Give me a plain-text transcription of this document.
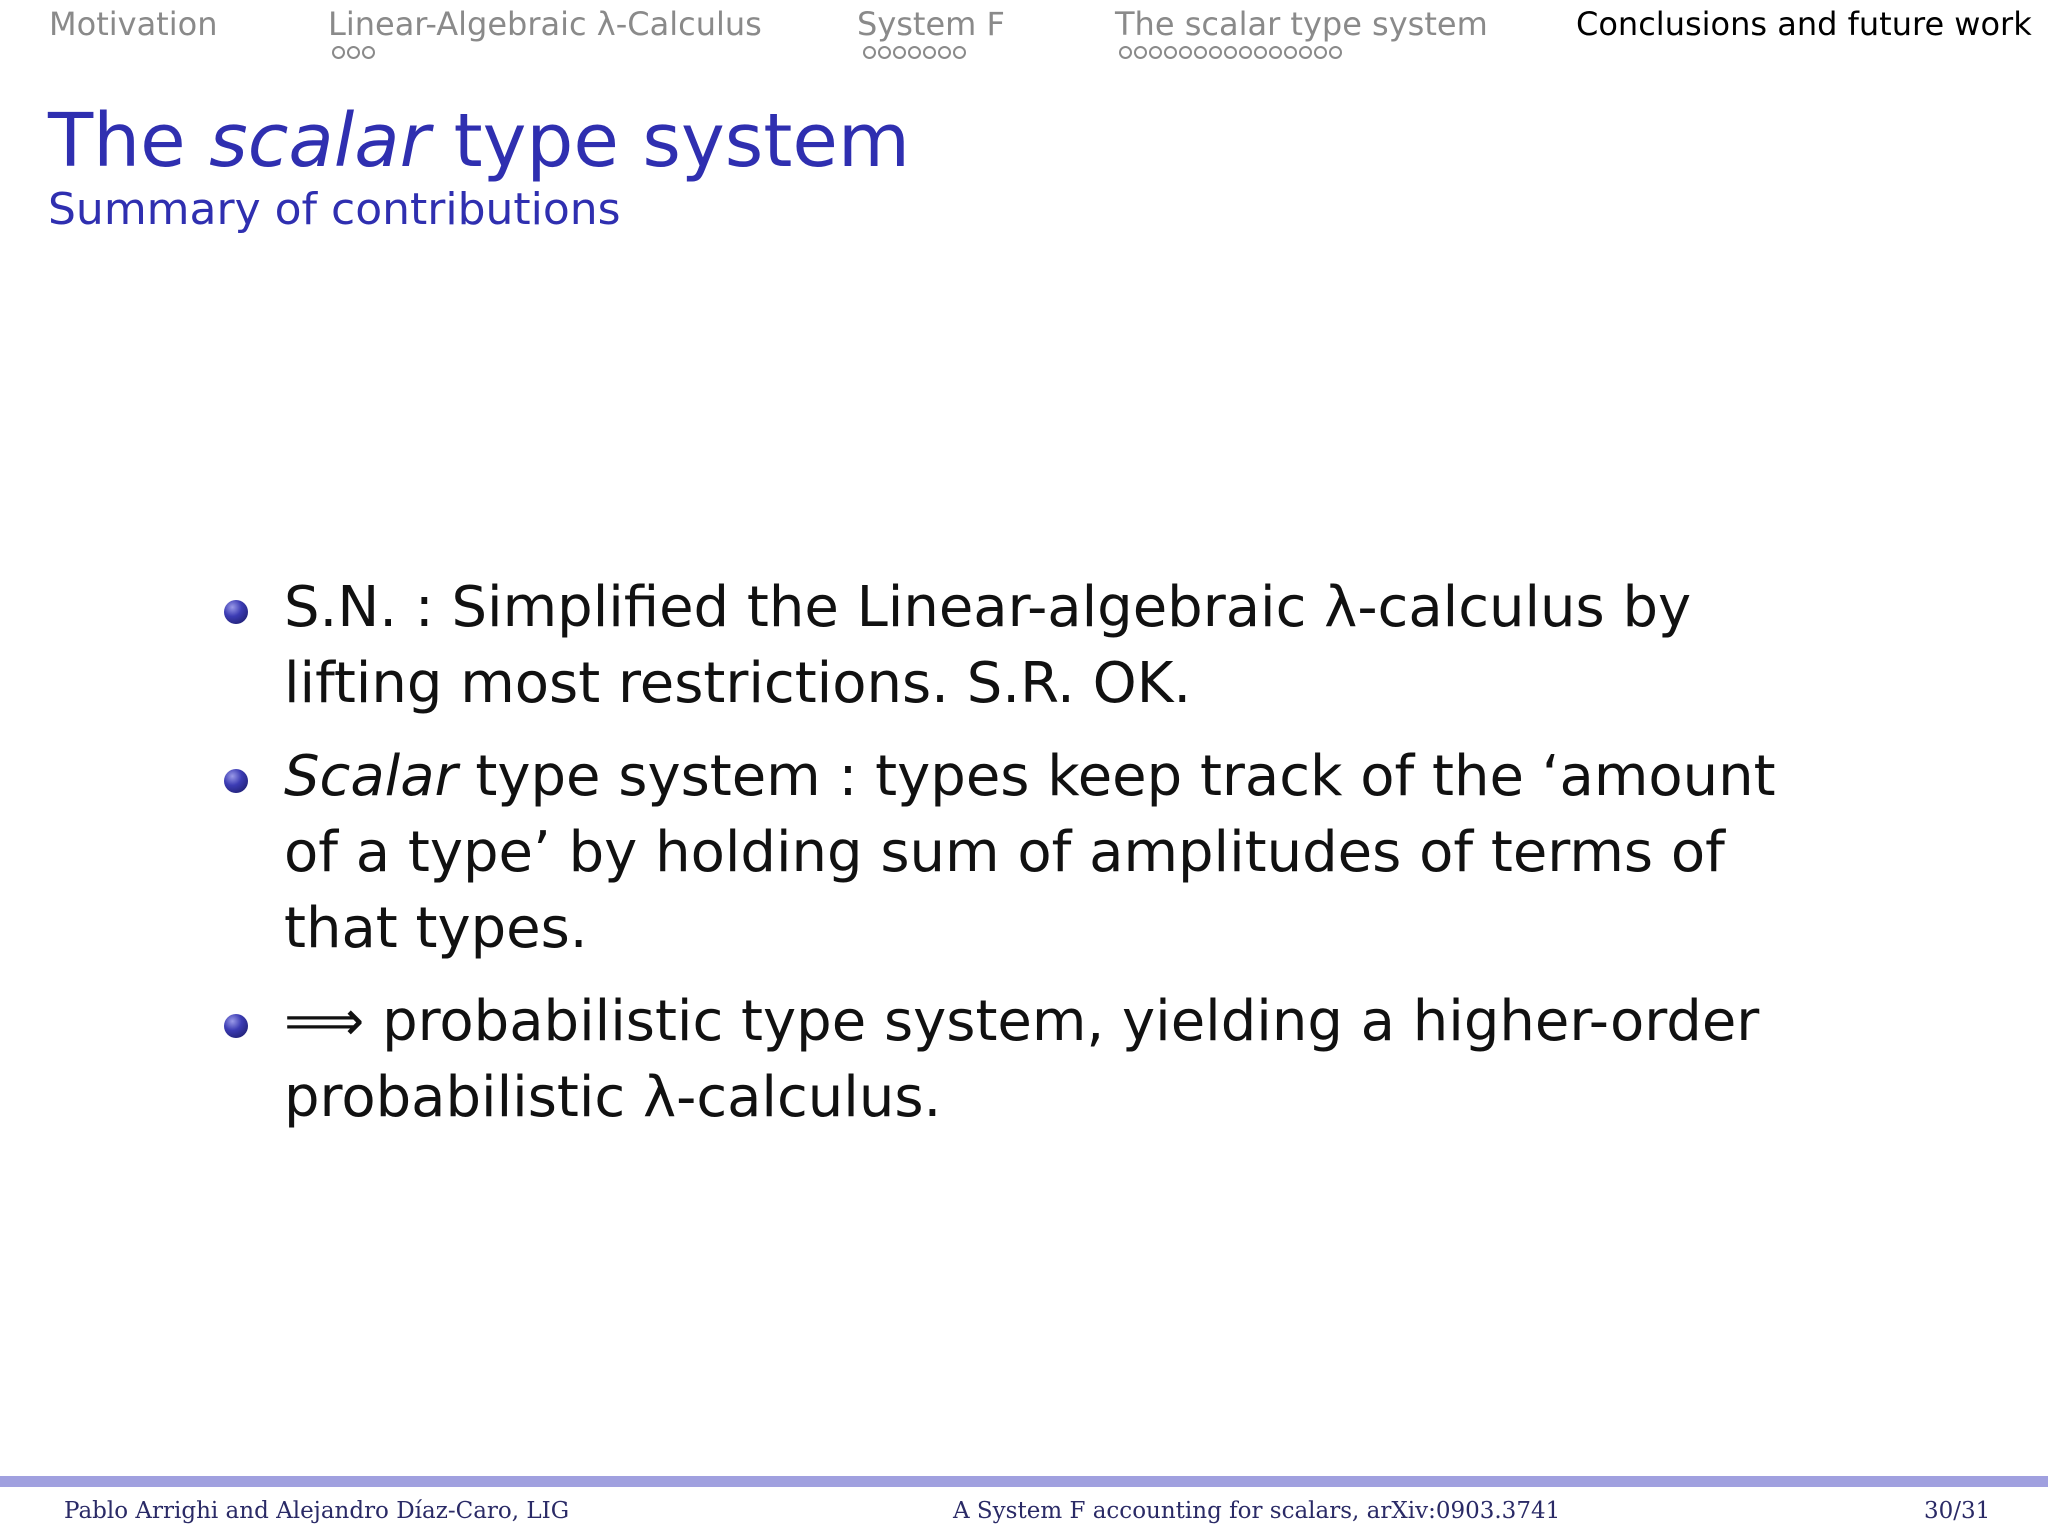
Motivation	Linear-Algebraic λ-Calculus	System F	The scalar type system	Conclusions and future work
The scalar type system
Summary of contributions
S.N. : Simplified the Linear-algebraic λ-calculus by lifting most restrictions. S.R. OK.
Scalar type system : types keep track of the ‘amount of a type’ by holding sum of amplitudes of terms of that types.
⟹ probabilistic type system, yielding a higher-order probabilistic λ-calculus.
Pablo Arrighi and Alejandro Díaz-Caro, LIG	A System F accounting for scalars, arXiv:0903.3741	30/31
